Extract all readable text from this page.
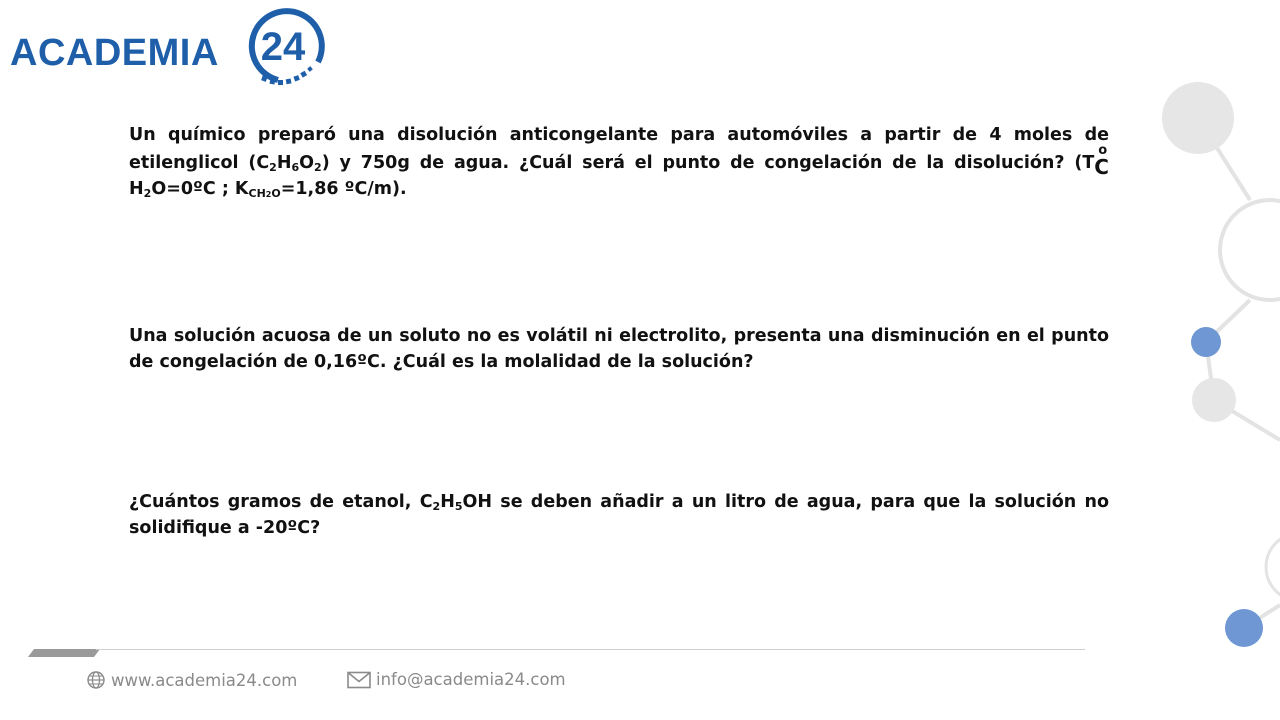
ACADEMIA 24
Un químico preparó una disolución anticongelante para automóviles a partir de 4 moles de etilenglicol $(C_2H_6O_2)$ y 750g de agua. ¿Cuál será el punto de congelación de la disolución? (T
o
C $H_2O=0ºC$ ; $K_{CH2O}=1,86$ ºC/m).
Una solución acuosa de un soluto no es volátil ni electrolito, presenta una disminución en el punto de congelación de 0,16ºC. ¿Cuál es la molalidad de la solución?
¿Cuántos gramos de etanol, $C_2H_5OH$ se deben añadir a un litro de agua, para que la solución no solidifique a -20ºC?
www.academia24.com	info@academia24.com
